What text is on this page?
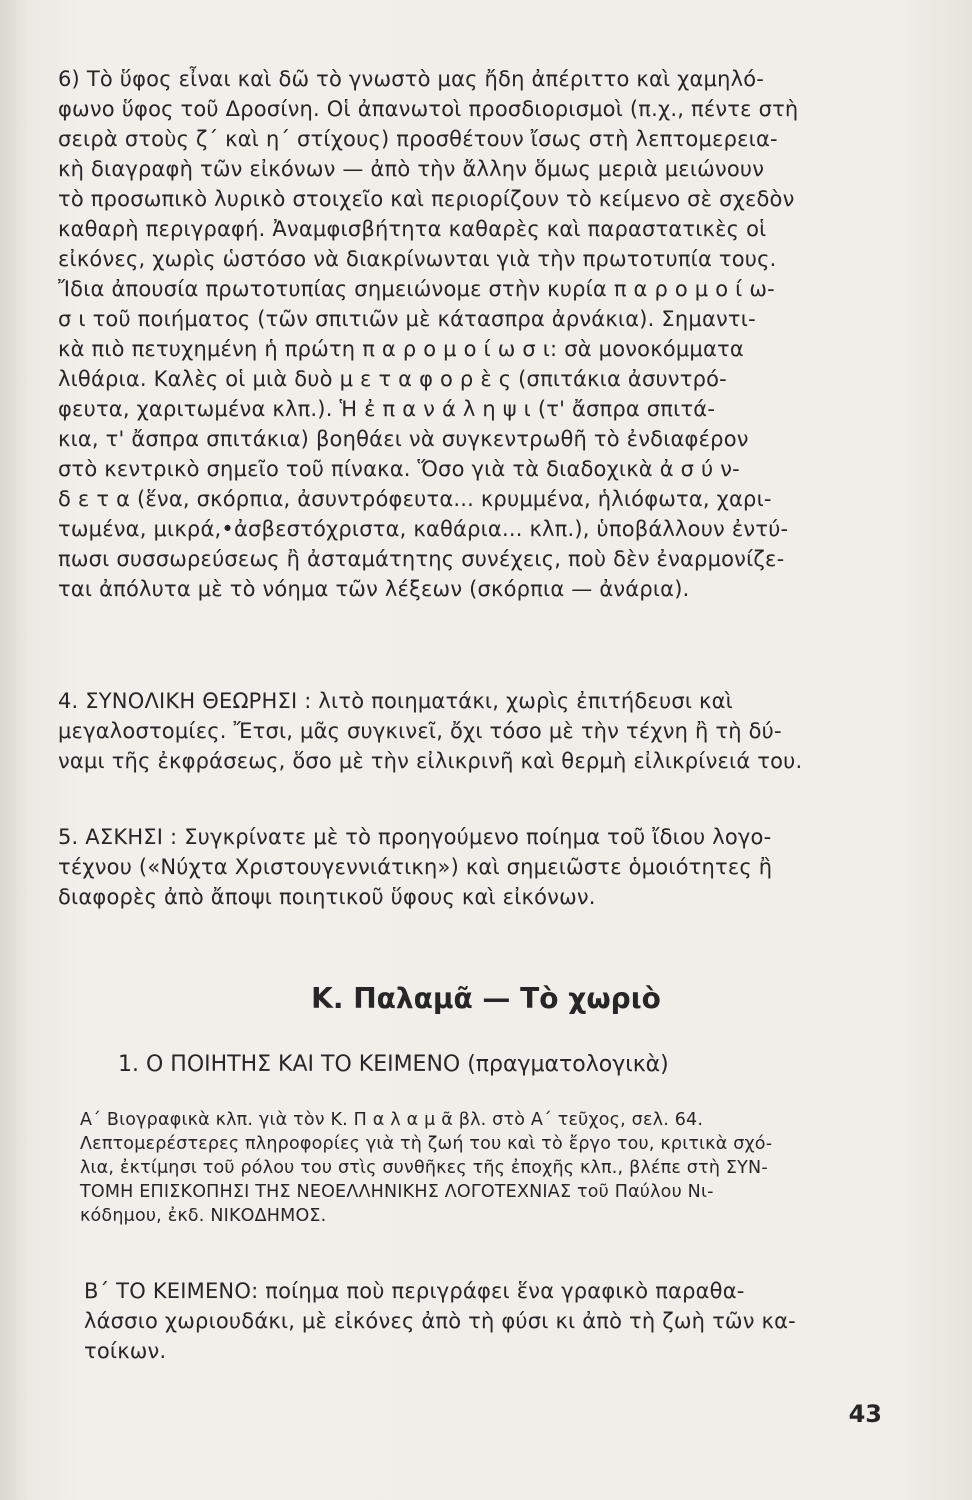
6) Τὸ ὕφος εἶναι καὶ δῶ τὸ γνωστὸ μας ἤδη ἀπέριττο καὶ χαμηλό-
φωνο ὕφος τοῦ Δροσίνη. Οἱ ἀπανωτοὶ προσδιορισμοὶ (π.χ., πέντε στὴ
σειρὰ στοὺς ζ΄ καὶ η΄ στίχους) προσθέτουν ἴσως στὴ λεπτομερεια-
κὴ διαγραφὴ τῶν εἰκόνων — ἀπὸ τὴν ἄλλην ὅμως μεριὰ μειώνουν
τὸ προσωπικὸ λυρικὸ στοιχεῖο καὶ περιορίζουν τὸ κείμενο σὲ σχεδὸν
καθαρὴ περιγραφή. Ἀναμφισβήτητα καθαρὲς καὶ παραστατικὲς οἱ
εἰκόνες, χωρὶς ὡστόσο νὰ διακρίνωνται γιὰ τὴν πρωτοτυπία τους.
Ἴδια ἀπουσία πρωτοτυπίας σημειώνομε στὴν κυρία π α ρ ο μ ο ί ω-
σ ι τοῦ ποιήματος (τῶν σπιτιῶν μὲ κάτασπρα ἀρνάκια). Σημαντι-
κὰ πιὸ πετυχημένη ἡ πρώτη π α ρ ο μ ο ί ω σ ι: σὰ μονοκόμματα
λιθάρια. Καλὲς οἱ μιὰ δυὸ μ ε τ α φ ο ρ ὲ ς (σπιτάκια ἀσυντρό-
φευτα, χαριτωμένα κλπ.). Ἡ ἐ π α ν ά λ η ψ ι (τ' ἄσπρα σπιτά-
κια, τ' ἄσπρα σπιτάκια) βοηθάει νὰ συγκεντρωθῆ τὸ ἐνδιαφέρον
στὸ κεντρικὸ σημεῖο τοῦ πίνακα. Ὅσο γιὰ τὰ διαδοχικὰ ἀ σ ύ ν-
δ ε τ α (ἕνα, σκόρπια, ἀσυντρόφευτα... κρυμμένα, ἡλιόφωτα, χαρι-
τωμένα, μικρά,•ἀσβεστόχριστα, καθάρια... κλπ.), ὑποβάλλουν ἐντύ-
πωσι συσσωρεύσεως ἢ ἀσταμάτητης συνέχεις, ποὺ δὲν ἐναρμονίζε-
ται ἀπόλυτα μὲ τὸ νόημα τῶν λέξεων (σκόρπια — ἀνάρια).
4. ΣΥΝΟΛΙΚΗ ΘΕΩΡΗΣΙ : λιτὸ ποιηματάκι, χωρὶς ἐπιτήδευσι καὶ
μεγαλοστομίες. Ἔτσι, μᾶς συγκινεῖ, ὄχι τόσο μὲ τὴν τέχνη ἢ τὴ δύ-
ναμι τῆς ἐκφράσεως, ὅσο μὲ τὴν εἰλικρινῆ καὶ θερμὴ εἰλικρίνειά του.
5. ΑΣΚΗΣΙ : Συγκρίνατε μὲ τὸ προηγούμενο ποίημα τοῦ ἴδιου λογο-
τέχνου («Νύχτα Χριστουγεννιάτικη») καὶ σημειῶστε ὁμοιότητες ἢ
διαφορὲς ἀπὸ ἄποψι ποιητικοῦ ὕφους καὶ εἰκόνων.
Κ. Παλαμᾶ — Τὸ χωριὸ
1. Ο ΠΟΙΗΤΗΣ ΚΑΙ ΤΟ ΚΕΙΜΕΝΟ (πραγματολογικὰ)
Α΄ Βιογραφικὰ κλπ. γιὰ τὸν Κ. Π α λ α μ ᾶ βλ. στὸ Α΄ τεῦχος, σελ. 64.
Λεπτομερέστερες πληροφορίες γιὰ τὴ ζωή του καὶ τὸ ἔργο του, κριτικὰ σχό-
λια, ἐκτίμησι τοῦ ρόλου του στὶς συνθῆκες τῆς ἐποχῆς κλπ., βλέπε στὴ ΣΥΝ-
ΤΟΜΗ ΕΠΙΣΚΟΠΗΣΙ ΤΗΣ ΝΕΟΕΛΛΗΝΙΚΗΣ ΛΟΓΟΤΕΧΝΙΑΣ τοῦ Παύλου Νι-
κόδημου, ἐκδ. ΝΙΚΟΔΗΜΟΣ.
Β΄ ΤΟ ΚΕΙΜΕΝΟ: ποίημα ποὺ περιγράφει ἕνα γραφικὸ παραθα-
λάσσιο χωριουδάκι, μὲ εἰκόνες ἀπὸ τὴ φύσι κι ἀπὸ τὴ ζωὴ τῶν κα-
τοίκων.
43
